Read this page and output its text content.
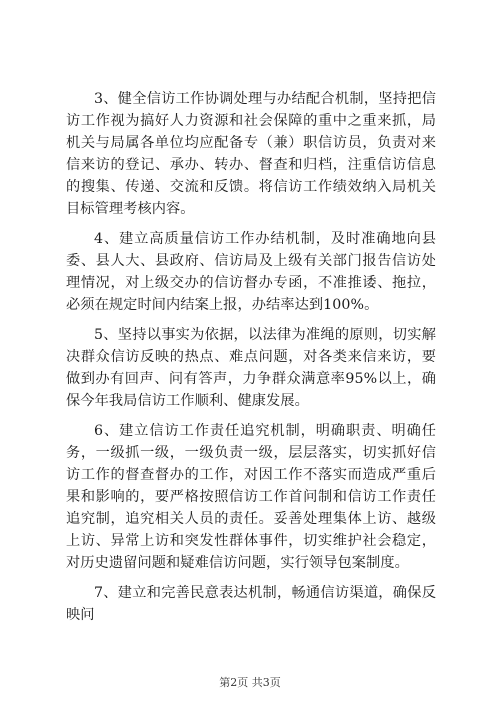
3、健全信访工作协调处理与办结配合机制，坚持把信访工作视为搞好人力资源和社会保障的重中之重来抓，局机关与局属各单位均应配备专（兼）职信访员，负责对来信来访的登记、承办、转办、督查和归档，注重信访信息的搜集、传递、交流和反馈。将信访工作绩效纳入局机关目标管理考核内容。

4、建立高质量信访工作办结机制，及时准确地向县委、县人大、县政府、信访局及上级有关部门报告信访处理情况，对上级交办的信访督办专函，不准推诿、拖拉，必须在规定时间内结案上报，办结率达到100%。

5、坚持以事实为依据，以法律为准绳的原则，切实解决群众信访反映的热点、难点问题，对各类来信来访，要做到办有回声、问有答声，力争群众满意率95%以上，确保今年我局信访工作顺利、健康发展。

6、建立信访工作责任追究机制，明确职责、明确任务，一级抓一级，一级负责一级，层层落实，切实抓好信访工作的督查督办的工作，对因工作不落实而造成严重后果和影响的，要严格按照信访工作首问制和信访工作责任追究制，追究相关人员的责任。妥善处理集体上访、越级上访、异常上访和突发性群体事件，切实维护社会稳定，对历史遗留问题和疑难信访问题，实行领导包案制度。

7、建立和完善民意表达机制，畅通信访渠道，确保反映问

第2页 共3页
